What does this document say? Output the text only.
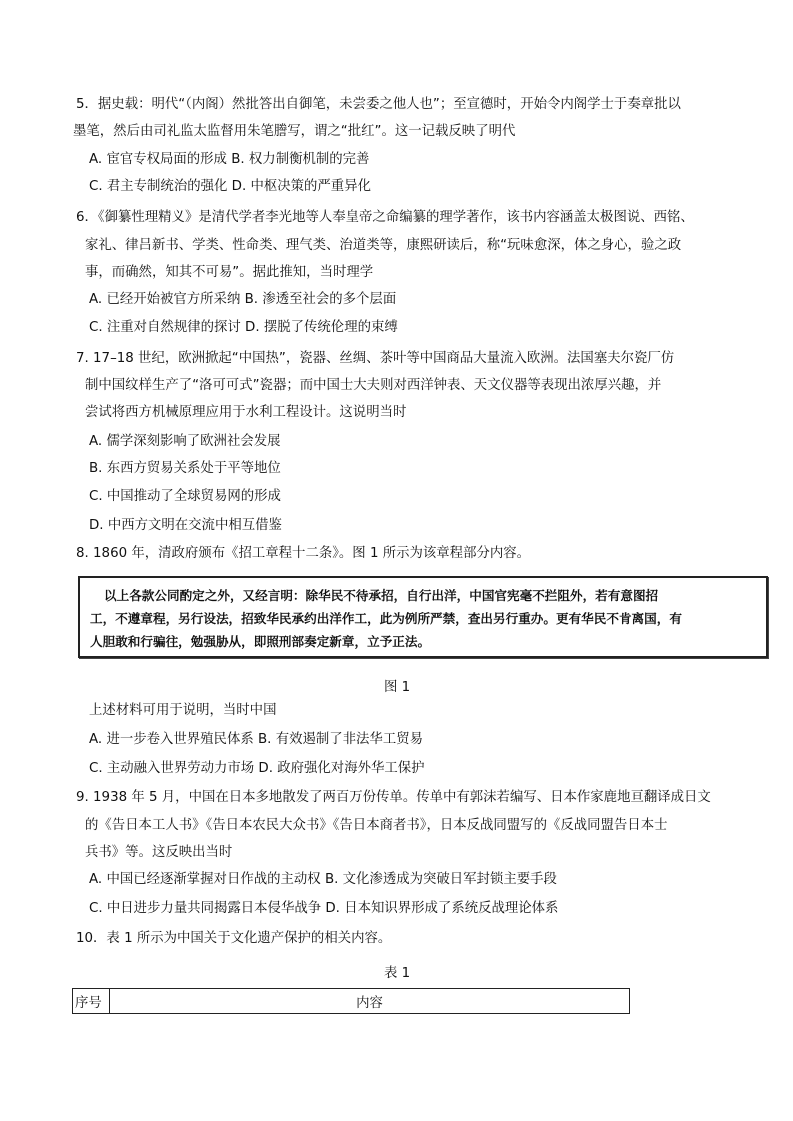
5．据史载：明代“（内阁）然批答出自御笔，未尝委之他人也”；至宣德时，开始令内阁学士于奏章批以
墨笔，然后由司礼监太监督用朱笔謄写，谓之“批红”。这一记载反映了明代
A. 宦官专权局面的形成 B. 权力制衡机制的完善
C. 君主专制统治的强化 D. 中枢决策的严重异化
6．《御纂性理精义》是清代学者李光地等人奉皇帝之命编纂的理学著作，该书内容涵盖太极图说、西铭、
家礼、律吕新书、学类、性命类、理气类、治道类等，康熙研读后，称“玩味愈深，体之身心，验之政
事，而确然，知其不可易”。据此推知，当时理学
A. 已经开始被官方所采纳 B. 渗透至社会的多个层面
C. 注重对自然规律的探讨 D. 摆脱了传统伦理的束缚
7. 17–18 世纪，欧洲掀起“中国热”，瓷器、丝绸、茶叶等中国商品大量流入欧洲。法国塞夫尔瓷厂仿
制中国纹样生产了“洛可可式”瓷器；而中国士大夫则对西洋钟表、天文仪器等表现出浓厚兴趣，并
尝试将西方机械原理应用于水利工程设计。这说明当时
A. 儒学深刻影响了欧洲社会发展
B. 东西方贸易关系处于平等地位
C. 中国推动了全球贸易网的形成
D. 中西方文明在交流中相互借鉴
8. 1860 年，清政府颁布《招工章程十二条》。图 1 所示为该章程部分内容。
以上各款公同酌定之外，又经言明：除华民不待承招，自行出洋，中国官宪毫不拦阻外，若有意图招
工，不遵章程，另行设法，招致华民承约出洋作工，此为例所严禁，查出另行重办。更有华民不肯离国，有
人胆敢和行骗往，勉强胁从，即照刑部奏定新章，立予正法。
图 1
上述材料可用于说明，当时中国
A. 进一步卷入世界殖民体系 B. 有效遏制了非法华工贸易
C. 主动融入世界劳动力市场 D. 政府强化对海外华工保护
9. 1938 年 5 月，中国在日本多地散发了两百万份传单。传单中有郭沫若编写、日本作家鹿地亘翻译成日文
的《告日本工人书》《告日本农民大众书》《告日本商者书》，日本反战同盟写的《反战同盟告日本士
兵书》等。这反映出当时
A. 中国已经逐渐掌握对日作战的主动权 B. 文化渗透成为突破日军封锁主要手段
C. 中日进步力量共同揭露日本侵华战争 D. 日本知识界形成了系统反战理论体系
10．表 1 所示为中国关于文化遗产保护的相关内容。
表 1
序号	内容
